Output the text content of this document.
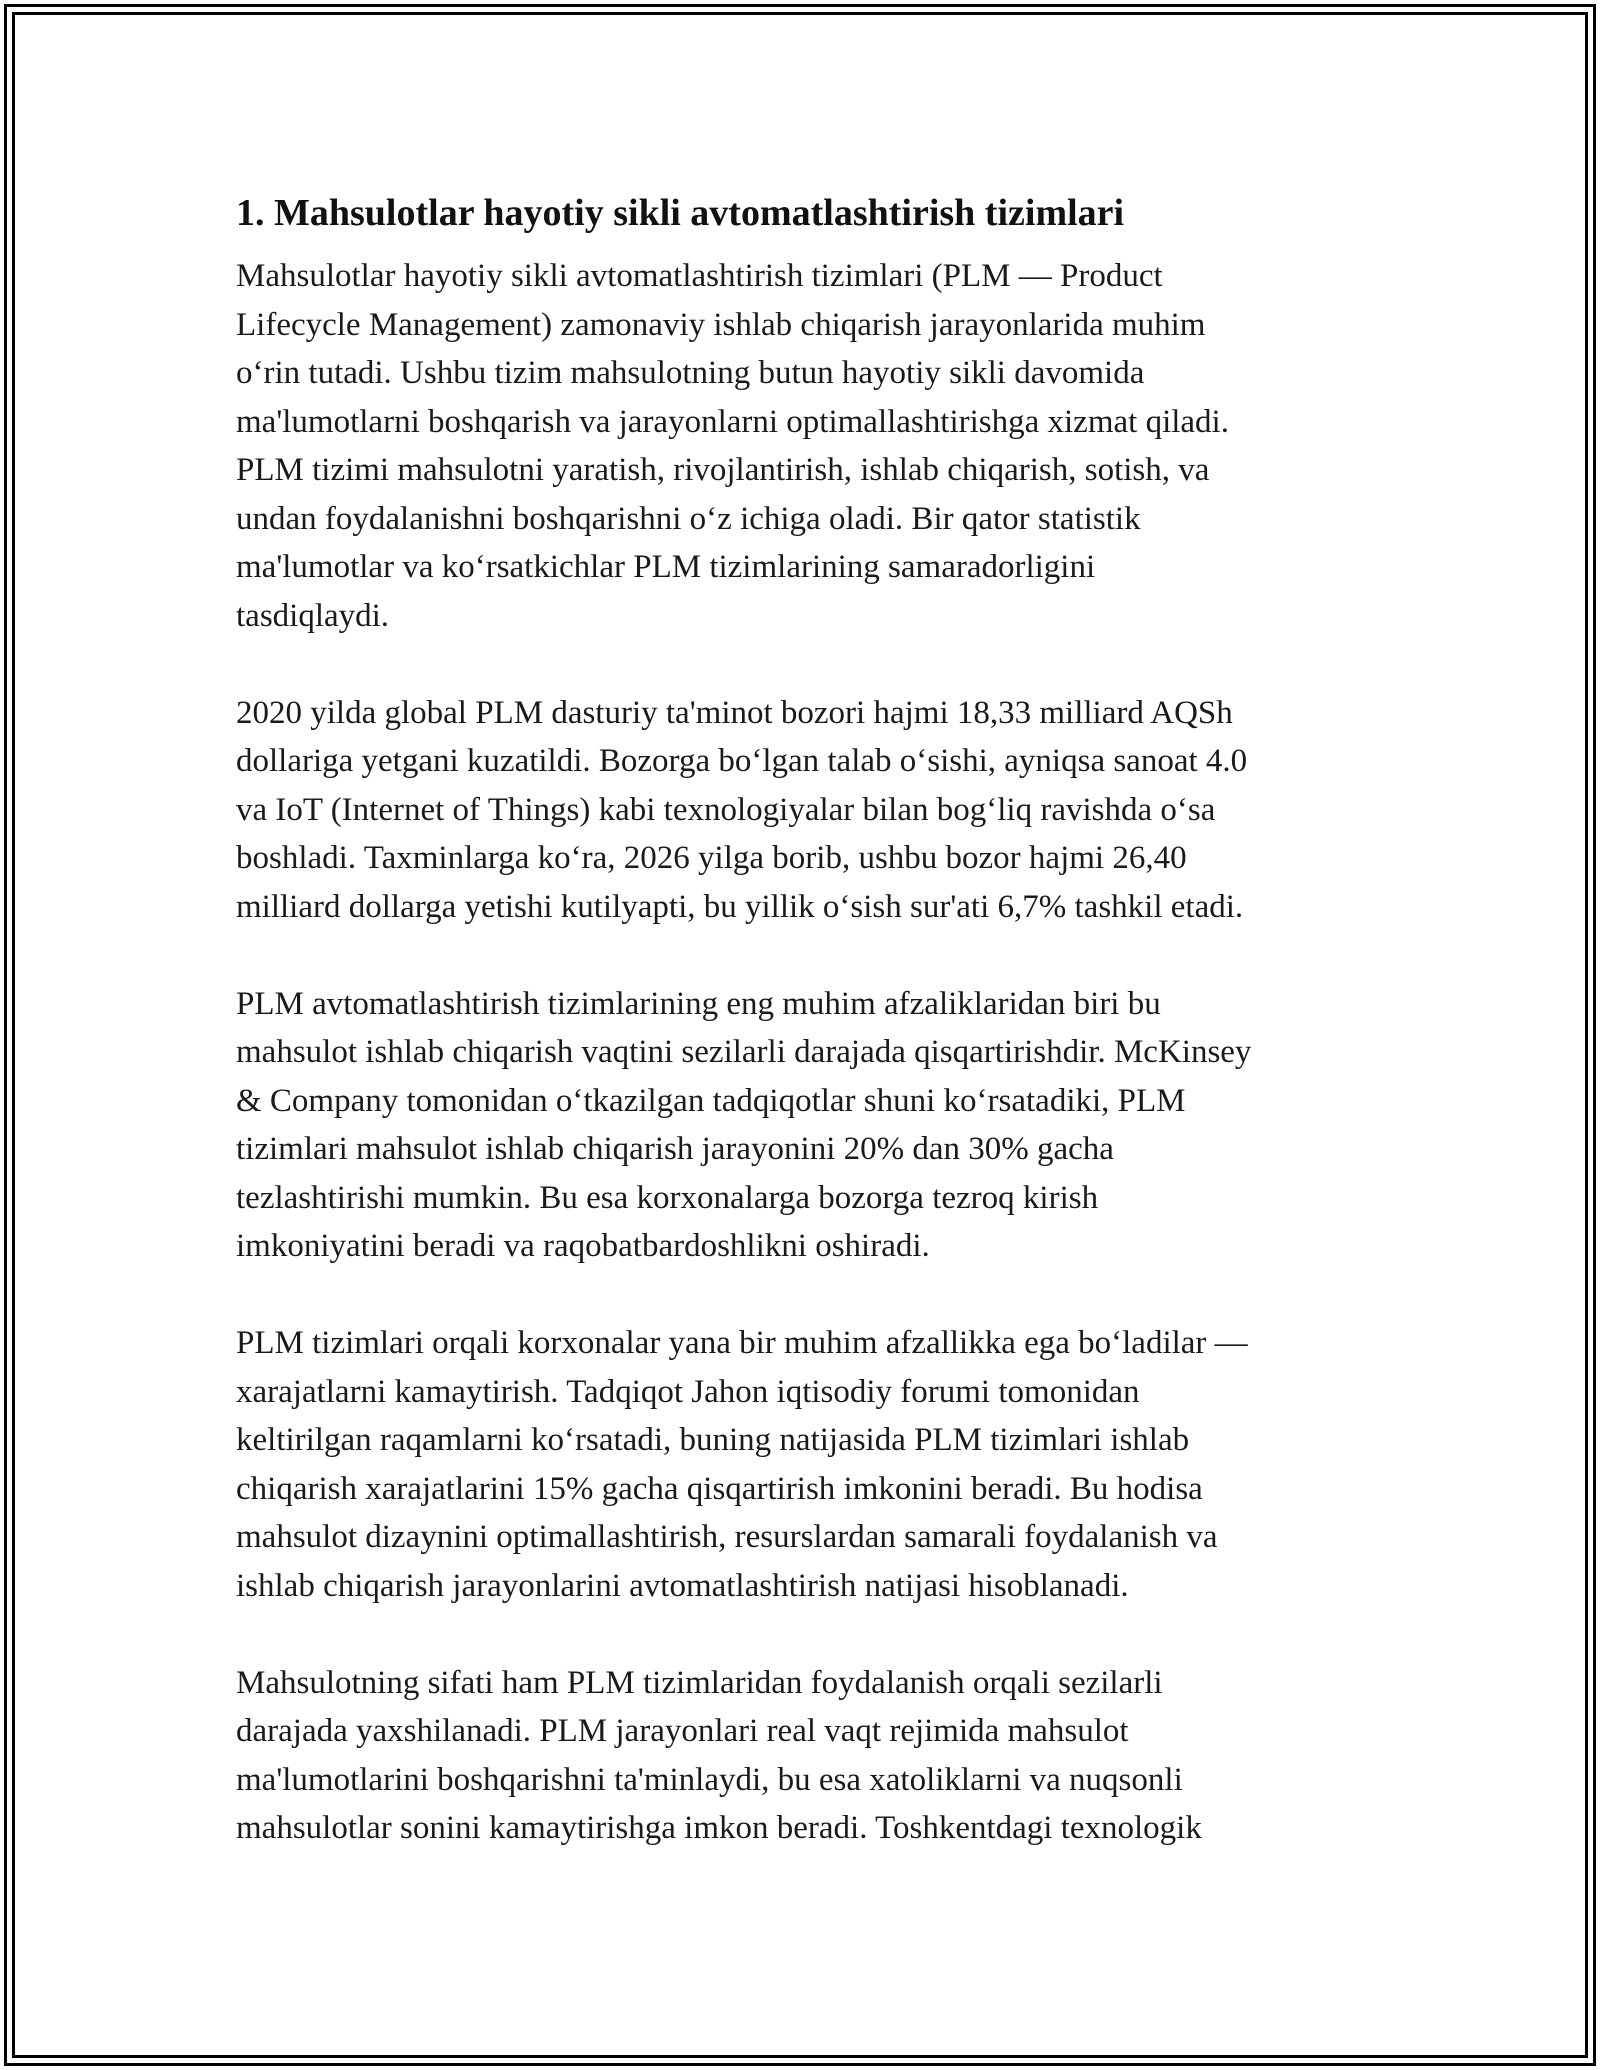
1. Mahsulotlar hayotiy sikli avtomatlashtirish tizimlari

Mahsulotlar hayotiy sikli avtomatlashtirish tizimlari (PLM — Product
Lifecycle Management) zamonaviy ishlab chiqarish jarayonlarida muhim
o‘rin tutadi. Ushbu tizim mahsulotning butun hayotiy sikli davomida
ma'lumotlarni boshqarish va jarayonlarni optimallashtirishga xizmat qiladi.
PLM tizimi mahsulotni yaratish, rivojlantirish, ishlab chiqarish, sotish, va
undan foydalanishni boshqarishni o‘z ichiga oladi. Bir qator statistik
ma'lumotlar va ko‘rsatkichlar PLM tizimlarining samaradorligini
tasdiqlaydi.

2020 yilda global PLM dasturiy ta'minot bozori hajmi 18,33 milliard AQSh
dollariga yetgani kuzatildi. Bozorga bo‘lgan talab o‘sishi, ayniqsa sanoat 4.0
va IoT (Internet of Things) kabi texnologiyalar bilan bog‘liq ravishda o‘sa
boshladi. Taxminlarga ko‘ra, 2026 yilga borib, ushbu bozor hajmi 26,40
milliard dollarga yetishi kutilyapti, bu yillik o‘sish sur'ati 6,7% tashkil etadi.

PLM avtomatlashtirish tizimlarining eng muhim afzaliklaridan biri bu
mahsulot ishlab chiqarish vaqtini sezilarli darajada qisqartirishdir. McKinsey
& Company tomonidan o‘tkazilgan tadqiqotlar shuni ko‘rsatadiki, PLM
tizimlari mahsulot ishlab chiqarish jarayonini 20% dan 30% gacha
tezlashtirishi mumkin. Bu esa korxonalarga bozorga tezroq kirish
imkoniyatini beradi va raqobatbardoshlikni oshiradi.

PLM tizimlari orqali korxonalar yana bir muhim afzallikka ega bo‘ladilar —
xarajatlarni kamaytirish. Tadqiqot Jahon iqtisodiy forumi tomonidan
keltirilgan raqamlarni ko‘rsatadi, buning natijasida PLM tizimlari ishlab
chiqarish xarajatlarini 15% gacha qisqartirish imkonini beradi. Bu hodisa
mahsulot dizaynini optimallashtirish, resurslardan samarali foydalanish va
ishlab chiqarish jarayonlarini avtomatlashtirish natijasi hisoblanadi.

Mahsulotning sifati ham PLM tizimlaridan foydalanish orqali sezilarli
darajada yaxshilanadi. PLM jarayonlari real vaqt rejimida mahsulot
ma'lumotlarini boshqarishni ta'minlaydi, bu esa xatoliklarni va nuqsonli
mahsulotlar sonini kamaytirishga imkon beradi. Toshkentdagi texnologik
